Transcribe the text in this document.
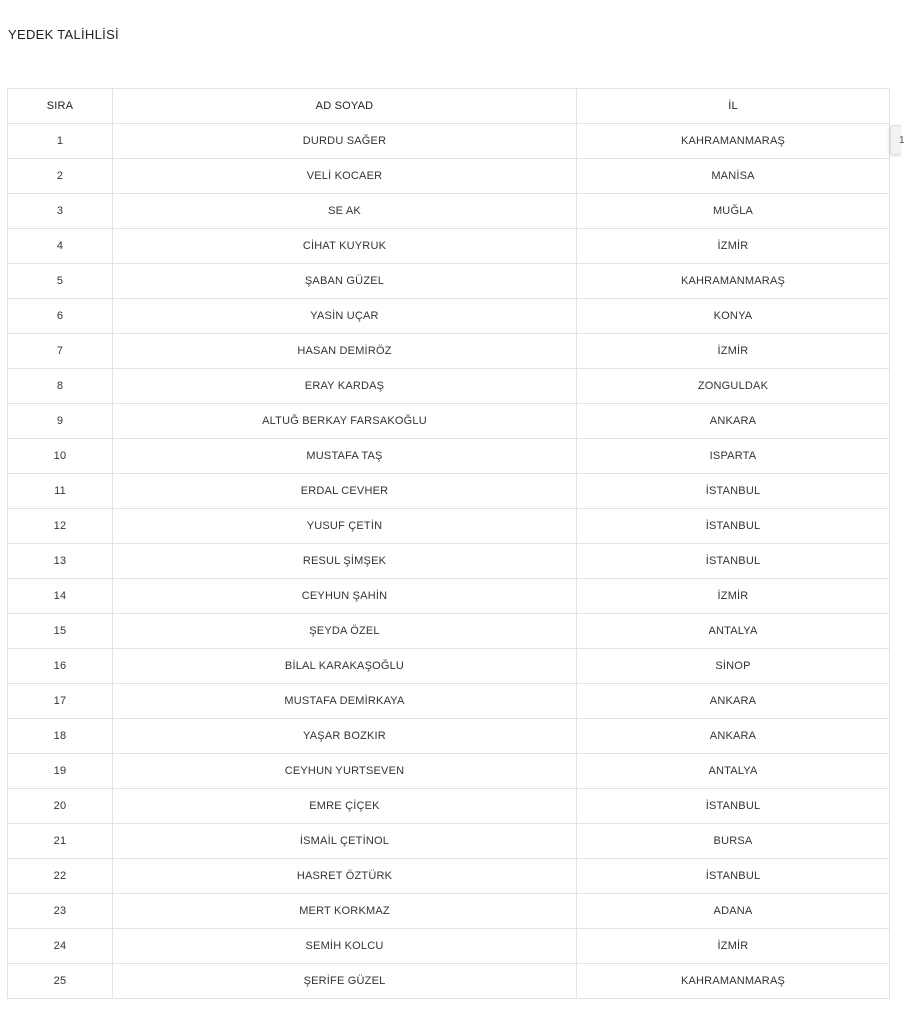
YEDEK TALİHLİSİ
SIRA	AD SOYAD	İL
1	DURDU SAĞER	KAHRAMANMARAŞ
2	VELİ KOCAER	MANİSA
3	SE AK	MUĞLA
4	CİHAT KUYRUK	İZMİR
5	ŞABAN GÜZEL	KAHRAMANMARAŞ
6	YASİN UÇAR	KONYA
7	HASAN DEMİRÖZ	İZMİR
8	ERAY KARDAŞ	ZONGULDAK
9	ALTUĞ BERKAY FARSAKOĞLU	ANKARA
10	MUSTAFA TAŞ	ISPARTA
11	ERDAL CEVHER	İSTANBUL
12	YUSUF ÇETİN	İSTANBUL
13	RESUL ŞİMŞEK	İSTANBUL
14	CEYHUN ŞAHİN	İZMİR
15	ŞEYDA ÖZEL	ANTALYA
16	BİLAL KARAKAŞOĞLU	SİNOP
17	MUSTAFA DEMİRKAYA	ANKARA
18	YAŞAR BOZKIR	ANKARA
19	CEYHUN YURTSEVEN	ANTALYA
20	EMRE ÇİÇEK	İSTANBUL
21	İSMAİL ÇETİNOL	BURSA
22	HASRET ÖZTÜRK	İSTANBUL
23	MERT KORKMAZ	ADANA
24	SEMİH KOLCU	İZMİR
25	ŞERİFE GÜZEL	KAHRAMANMARAŞ
1
